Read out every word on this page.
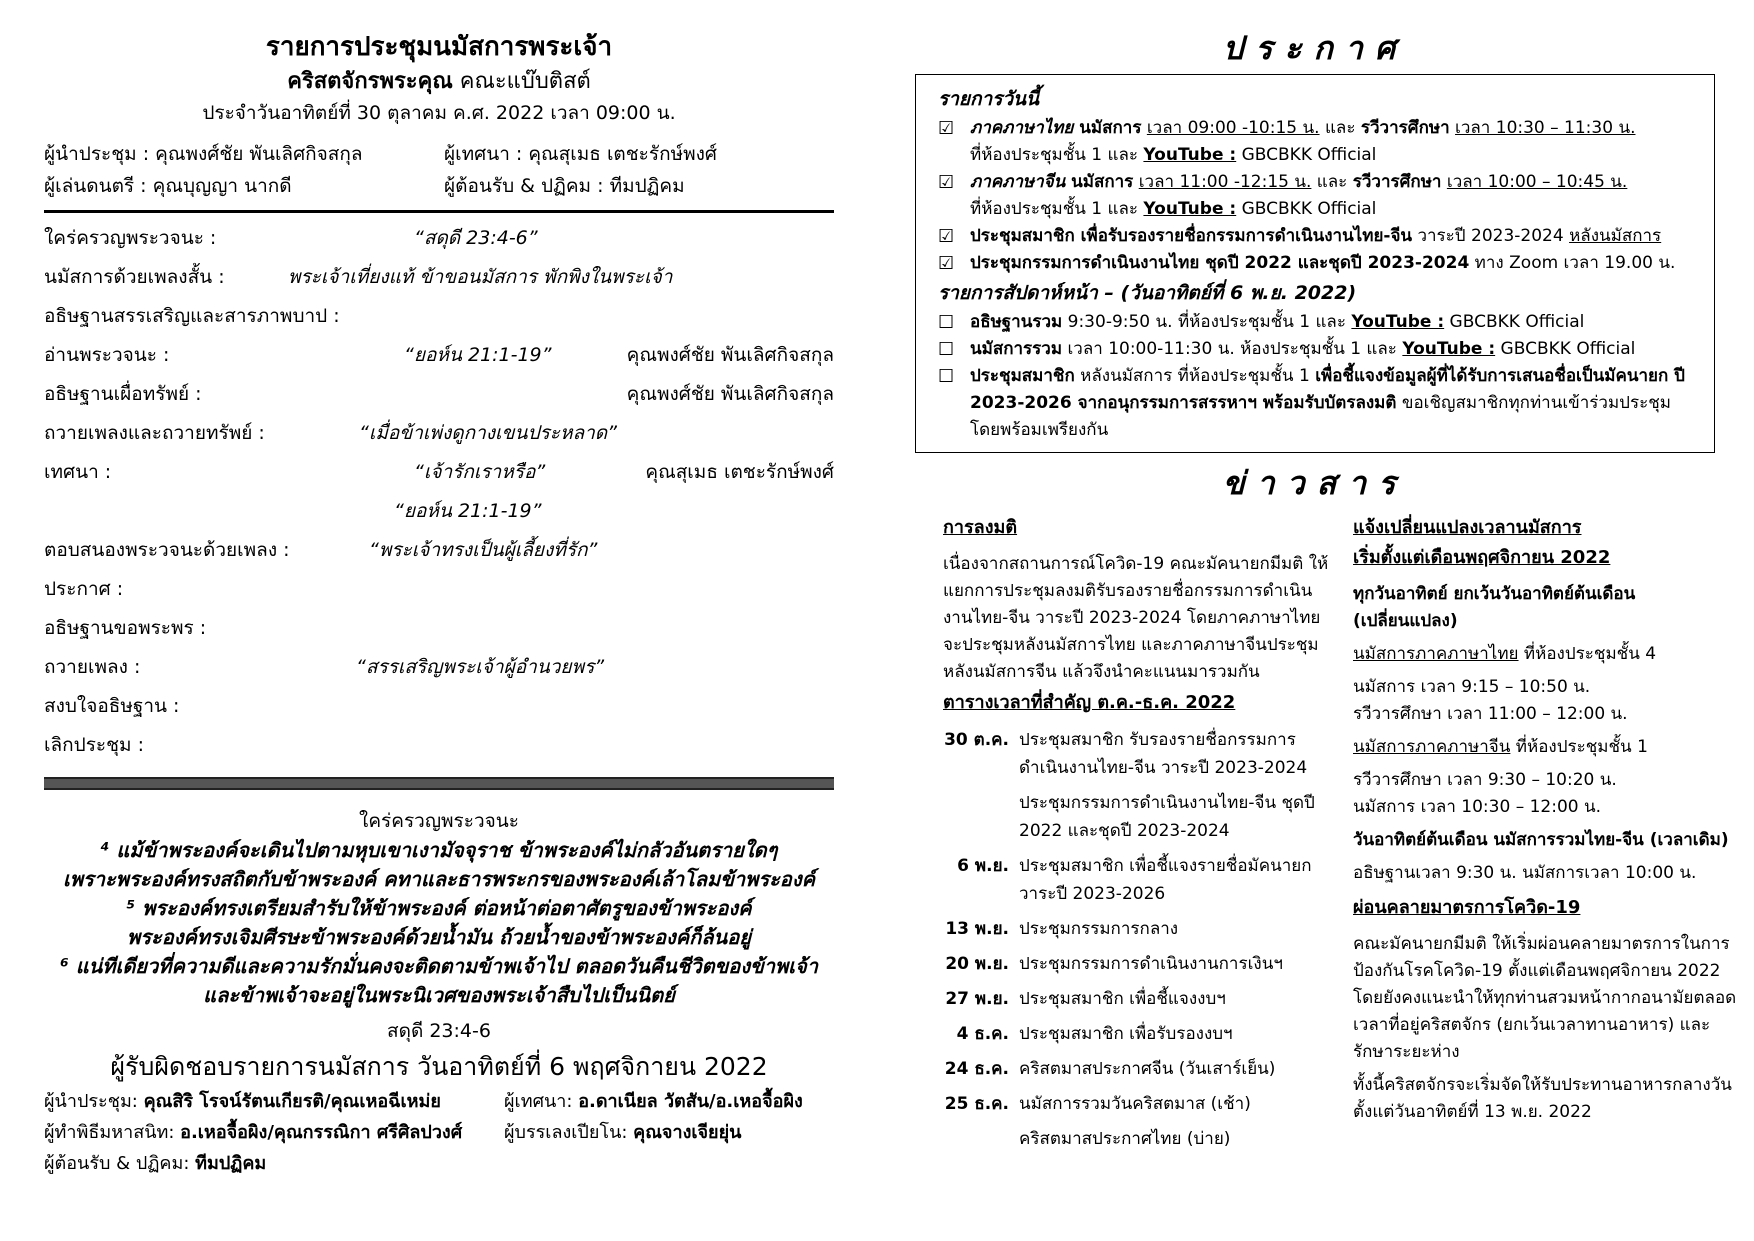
รายการประชุมนมัสการพระเจ้า
คริสตจักรพระคุณ คณะแบ๊บติสต์
ประจำวันอาทิตย์ที่ 30 ตุลาคม ค.ศ. 2022 เวลา 09:00 น.
ผู้นำประชุม : คุณพงศ์ชัย พันเลิศกิจสกุล	ผู้เทศนา : คุณสุเมธ เตชะรักษ์พงศ์
ผู้เล่นดนตรี : คุณบุญญา นากดี	ผู้ต้อนรับ & ปฏิคม : ทีมปฏิคม
ใคร่ครวญพระวจนะ :	“สดุดี 23:4-6”
นมัสการด้วยเพลงสั้น :	พระเจ้าเที่ยงแท้ ข้าขอนมัสการ พักพิงในพระเจ้า
อธิษฐานสรรเสริญและสารภาพบาป :
อ่านพระวจนะ :	“ยอห์น 21:1-19”	คุณพงศ์ชัย พันเลิศกิจสกุล
อธิษฐานเผื่อทรัพย์ :	คุณพงศ์ชัย พันเลิศกิจสกุล
ถวายเพลงและถวายทรัพย์ :	“เมื่อข้าเพ่งดูกางเขนประหลาด”
เทศนา :	“เจ้ารักเราหรือ”	คุณสุเมธ เตชะรักษ์พงศ์
“ยอห์น 21:1-19”
ตอบสนองพระวจนะด้วยเพลง :	“พระเจ้าทรงเป็นผู้เลี้ยงที่รัก”
ประกาศ :
อธิษฐานขอพระพร :
ถวายเพลง :	“สรรเสริญพระเจ้าผู้อำนวยพร”
สงบใจอธิษฐาน :
เลิกประชุม :
ใคร่ครวญพระวจนะ
⁴ แม้ข้าพระองค์จะเดินไปตามหุบเขาเงามัจจุราช ข้าพระองค์ไม่กลัวอันตรายใดๆ
เพราะพระองค์ทรงสถิตกับข้าพระองค์ คทาและธารพระกรของพระองค์เล้าโลมข้าพระองค์
⁵ พระองค์ทรงเตรียมสำรับให้ข้าพระองค์ ต่อหน้าต่อตาศัตรูของข้าพระองค์
พระองค์ทรงเจิมศีรษะข้าพระองค์ด้วยน้ำมัน ถ้วยน้ำของข้าพระองค์ก็ล้นอยู่
⁶ แน่ทีเดียวที่ความดีและความรักมั่นคงจะติดตามข้าพเจ้าไป ตลอดวันคืนชีวิตของข้าพเจ้า
และข้าพเจ้าจะอยู่ในพระนิเวศของพระเจ้าสืบไปเป็นนิตย์
สดุดี 23:4-6
ผู้รับผิดชอบรายการนมัสการ วันอาทิตย์ที่ 6 พฤศจิกายน 2022
ผู้นำประชุม: คุณสิริ โรจน์รัตนเกียรติ/คุณเหอฉีเหม่ย	ผู้เทศนา: อ.ดาเนียล วัตสัน/อ.เหอจื้อผิง
ผู้ทำพิธีมหาสนิท: อ.เหอจื้อผิง/คุณกรรณิกา ศรีศิลปวงศ์	ผู้บรรเลงเปียโน: คุณจางเจียยุ่น
ผู้ต้อนรับ & ปฏิคม: ทีมปฏิคม
ประกาศ
รายการวันนี้
☑ ภาคภาษาไทย นมัสการ เวลา 09:00 -10:15 น. และ รวีวารศึกษา เวลา 10:30 – 11:30 น.
ที่ห้องประชุมชั้น 1 และ YouTube : GBCBKK Official
☑ ภาคภาษาจีน นมัสการ เวลา 11:00 -12:15 น. และ รวีวารศึกษา เวลา 10:00 – 10:45 น.
ที่ห้องประชุมชั้น 1 และ YouTube : GBCBKK Official
☑ ประชุมสมาชิก เพื่อรับรองรายชื่อกรรมการดำเนินงานไทย-จีน วาระปี 2023-2024 หลังนมัสการ
☑ ประชุมกรรมการดำเนินงานไทย ชุดปี 2022 และชุดปี 2023-2024 ทาง Zoom เวลา 19.00 น.
รายการสัปดาห์หน้า – (วันอาทิตย์ที่ 6 พ.ย. 2022)
☐ อธิษฐานรวม 9:30-9:50 น. ที่ห้องประชุมชั้น 1 และ YouTube : GBCBKK Official
☐ นมัสการรวม เวลา 10:00-11:30 น. ห้องประชุมชั้น 1 และ YouTube : GBCBKK Official
☐ ประชุมสมาชิก หลังนมัสการ ที่ห้องประชุมชั้น 1 เพื่อชี้แจงข้อมูลผู้ที่ได้รับการเสนอชื่อเป็นมัคนายก ปี 2023-2026 จากอนุกรรมการสรรหาฯ พร้อมรับบัตรลงมติ ขอเชิญสมาชิกทุกท่านเข้าร่วมประชุมโดยพร้อมเพรียงกัน
ข่าวสาร
การลงมติ
เนื่องจากสถานการณ์โควิด-19 คณะมัคนายกมีมติ ให้ แยกการประชุมลงมติรับรองรายชื่อกรรมการดำเนินงานไทย-จีน วาระปี 2023-2024 โดยภาคภาษาไทยจะประชุมหลังนมัสการไทย และภาคภาษาจีนประชุมหลังนมัสการจีน แล้วจึงนำคะแนนมารวมกัน
ตารางเวลาที่สำคัญ ต.ค.-ธ.ค. 2022
30 ต.ค. ประชุมสมาชิก รับรองรายชื่อกรรมการดำเนินงานไทย-จีน วาระปี 2023-2024
ประชุมกรรมการดำเนินงานไทย-จีน ชุดปี 2022 และชุดปี 2023-2024
6 พ.ย. ประชุมสมาชิก เพื่อชี้แจงรายชื่อมัคนายก วาระปี 2023-2026
13 พ.ย. ประชุมกรรมการกลาง
20 พ.ย. ประชุมกรรมการดำเนินงานการเงินฯ
27 พ.ย. ประชุมสมาชิก เพื่อชี้แจงงบฯ
4 ธ.ค. ประชุมสมาชิก เพื่อรับรองงบฯ
24 ธ.ค. คริสตมาสประกาศจีน (วันเสาร์เย็น)
25 ธ.ค. นมัสการรวมวันคริสตมาส (เช้า)
คริสตมาสประกาศไทย (บ่าย)
แจ้งเปลี่ยนแปลงเวลานมัสการ
เริ่มตั้งแต่เดือนพฤศจิกายน 2022
ทุกวันอาทิตย์ ยกเว้นวันอาทิตย์ต้นเดือน (เปลี่ยนแปลง)
นมัสการภาคภาษาไทย ที่ห้องประชุมชั้น 4
นมัสการ เวลา 9:15 – 10:50 น.
รวีวารศึกษา เวลา 11:00 – 12:00 น.
นมัสการภาคภาษาจีน ที่ห้องประชุมชั้น 1
รวีวารศึกษา เวลา 9:30 – 10:20 น.
นมัสการ เวลา 10:30 – 12:00 น.
วันอาทิตย์ต้นเดือน นมัสการรวมไทย-จีน (เวลาเดิม)
อธิษฐานเวลา 9:30 น. นมัสการเวลา 10:00 น.
ผ่อนคลายมาตรการโควิด-19
คณะมัคนายกมีมติ ให้เริ่มผ่อนคลายมาตรการในการป้องกันโรคโควิด-19 ตั้งแต่เดือนพฤศจิกายน 2022 โดยยังคงแนะนำให้ทุกท่านสวมหน้ากากอนามัยตลอดเวลาที่อยู่คริสตจักร (ยกเว้นเวลาทานอาหาร) และรักษาระยะห่าง
ทั้งนี้คริสตจักรจะเริ่มจัดให้รับประทานอาหารกลางวัน ตั้งแต่วันอาทิตย์ที่ 13 พ.ย. 2022
